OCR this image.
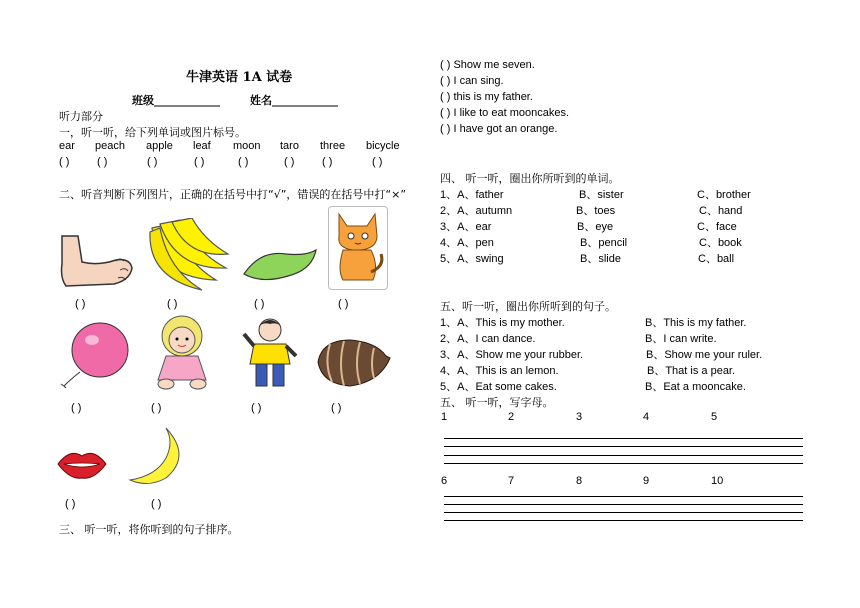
牛津英语 1A 试卷
班级____________	姓名____________
听力部分
一，听一听，给下列单词或图片标号。
ear peach apple leaf moon taro three bicycle
( )	( )	( )	( )	( )	( )	( )	( )
二、听音判断下列图片，正确的在括号中打“√”，错误的在括号中打“×”
( )	( )	( )	( )
( )	( )	( )	( )
( )	( )
三、 听一听，将你听到的句子排序。
( ) Show me seven.
( ) I can sing.
( ) this is my father.
( ) I like to eat mooncakes.
( ) I have got an orange.
四、 听一听，圈出你所听到的单词。
1、A、father	B、sister	C、brother
2、A、autumn	B、toes	C、hand
3、A、ear	B、eye	C、face
4、A、pen	B、pencil	C、book
5、A、swing	B、slide	C、ball
五、听一听，圈出你所听到的句子。
1、A、This is my mother.	B、This is my father.
2、A、I can dance.	B、I can write.
3、A、Show me your rubber.	B、Show me your ruler.
4、A、This is an lemon.	B、That is a pear.
5、A、Eat some cakes.	B、Eat a mooncake.
五、 听一听，写字母。
1	2	3	4	5
6	7	8	9	10
